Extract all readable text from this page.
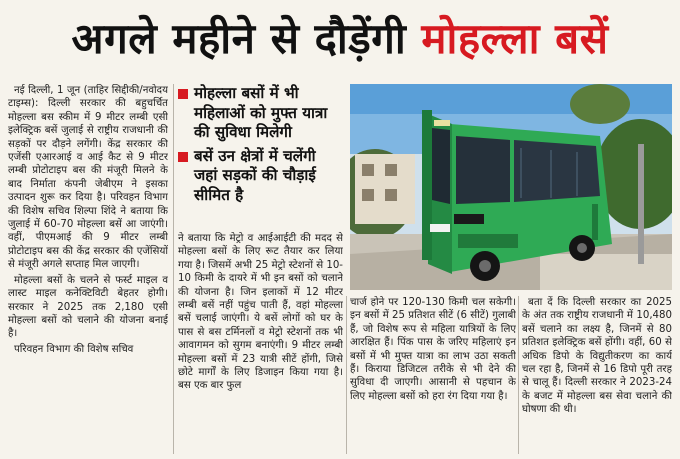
अगले महीने से दौड़ेंगी मोहल्ला बसें

नई दिल्ली, 1 जून (ताहिर सिद्दीकी/नवोदय टाइम्स): दिल्ली सरकार की बहुचर्चित मोहल्ला बस स्कीम में 9 मीटर लम्बी एसी इलेक्ट्रिक बसें जुलाई से राष्ट्रीय राजधानी की सड़कों पर दौड़ने लगेंगी। केंद्र सरकार की एजेंसी एआरआई व आई कैट से 9 मीटर लम्बी प्रोटोटाइप बस की मंजूरी मिलने के बाद निर्माता कंपनी जेबीएम ने इसका उत्पादन शुरू कर दिया है। परिवहन विभाग की विशेष सचिव शिल्पा शिंदे ने बताया कि जुलाई में 60-70 मोहल्ला बसें आ जाएंगी। वहीं, पीएमआई की 9 मीटर लम्बी प्रोटोटाइप बस की केंद्र सरकार की एजेंसियों से मंजूरी अगले सप्ताह मिल जाएगी।

मोहल्ला बसों के चलने से फर्स्ट माइल व लास्ट माइल कनेक्टिविटी बेहतर होगी। सरकार ने 2025 तक 2,180 एसी मोहल्ला बसों को चलाने की योजना बनाई है।

परिवहन विभाग की विशेष सचिव

मोहल्ला बसों में भी महिलाओं को मुफ्त यात्रा की सुविधा मिलेगी
बसें उन क्षेत्रों में चलेंगी जहां सड़कों की चौड़ाई सीमित है

ने बताया कि मेट्रो व आईआईटी की मदद से मोहल्ला बसों के लिए रूट तैयार कर लिया गया है। जिसमें अभी 25 मेट्रो स्टेशनों से 10-10 किमी के दायरे में भी इन बसों को चलाने की योजना है। जिन इलाकों में 12 मीटर लम्बी बसें नहीं पहुंच पाती हैं, वहां मोहल्ला बसें चलाई जाएंगी। ये बसें लोगों को घर के पास से बस टर्मिनलों व मेट्रो स्टेशनों तक भी आवागमन को सुगम बनाएंगी। 9 मीटर लम्बी मोहल्ला बसों में 23 यात्री सीटें होंगी, जिसे छोटे मार्गों के लिए डिजाइन किया गया है। बस एक बार फुल

चार्ज होने पर 120-130 किमी चल सकेगी। इन बसों में 25 प्रतिशत सीटें (6 सीटें) गुलाबी हैं, जो विशेष रूप से महिला यात्रियों के लिए आरक्षित हैं। पिंक पास के जरिए महिलाएं इन बसों में भी मुफ्त यात्रा का लाभ उठा सकती हैं। किराया डिजिटल तरीके से भी देने की सुविधा दी जाएगी। आसानी से पहचान के लिए मोहल्ला बसों को हरा रंग दिया गया है।

बता दें कि दिल्ली सरकार का 2025 के अंत तक राष्ट्रीय राजधानी में 10,480 बसें चलाने का लक्ष्य है, जिनमें से 80 प्रतिशत इलेक्ट्रिक बसें होंगी। वहीं, 60 से अधिक डिपो के विद्युतीकरण का कार्य चल रहा है, जिनमें से 16 डिपो पूरी तरह से चालू हैं। दिल्ली सरकार ने 2023-24 के बजट में मोहल्ला बस सेवा चलाने की घोषणा की थी।
